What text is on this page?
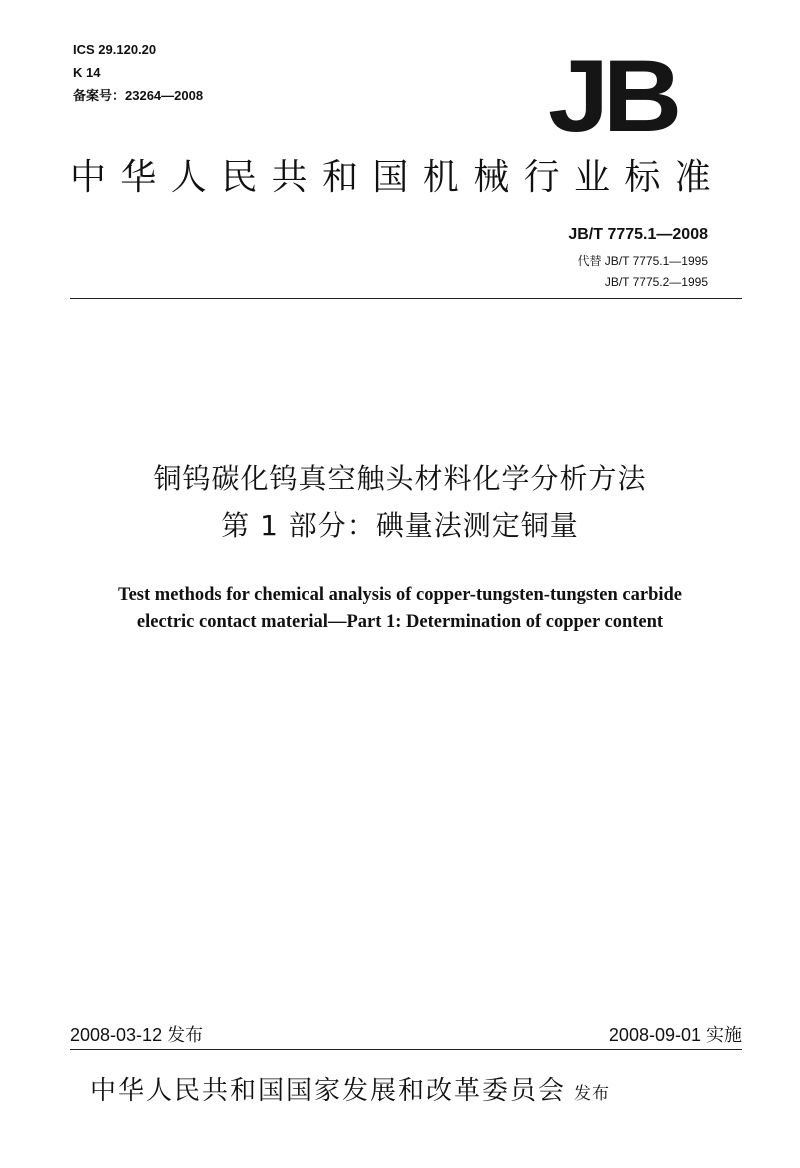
ICS 29.120.20
K 14
备案号：23264—2008	JB
中华人民共和国机械行业标准
JB/T 7775.1—2008
代替 JB/T 7775.1—1995
JB/T 7775.2—1995
铜钨碳化钨真空触头材料化学分析方法
第 1 部分：碘量法测定铜量
Test methods for chemical analysis of copper-tungsten-tungsten carbide
electric contact material—Part 1: Determination of copper content
2008-03-12 发布	2008-09-01 实施
中华人民共和国国家发展和改革委员会 发布
